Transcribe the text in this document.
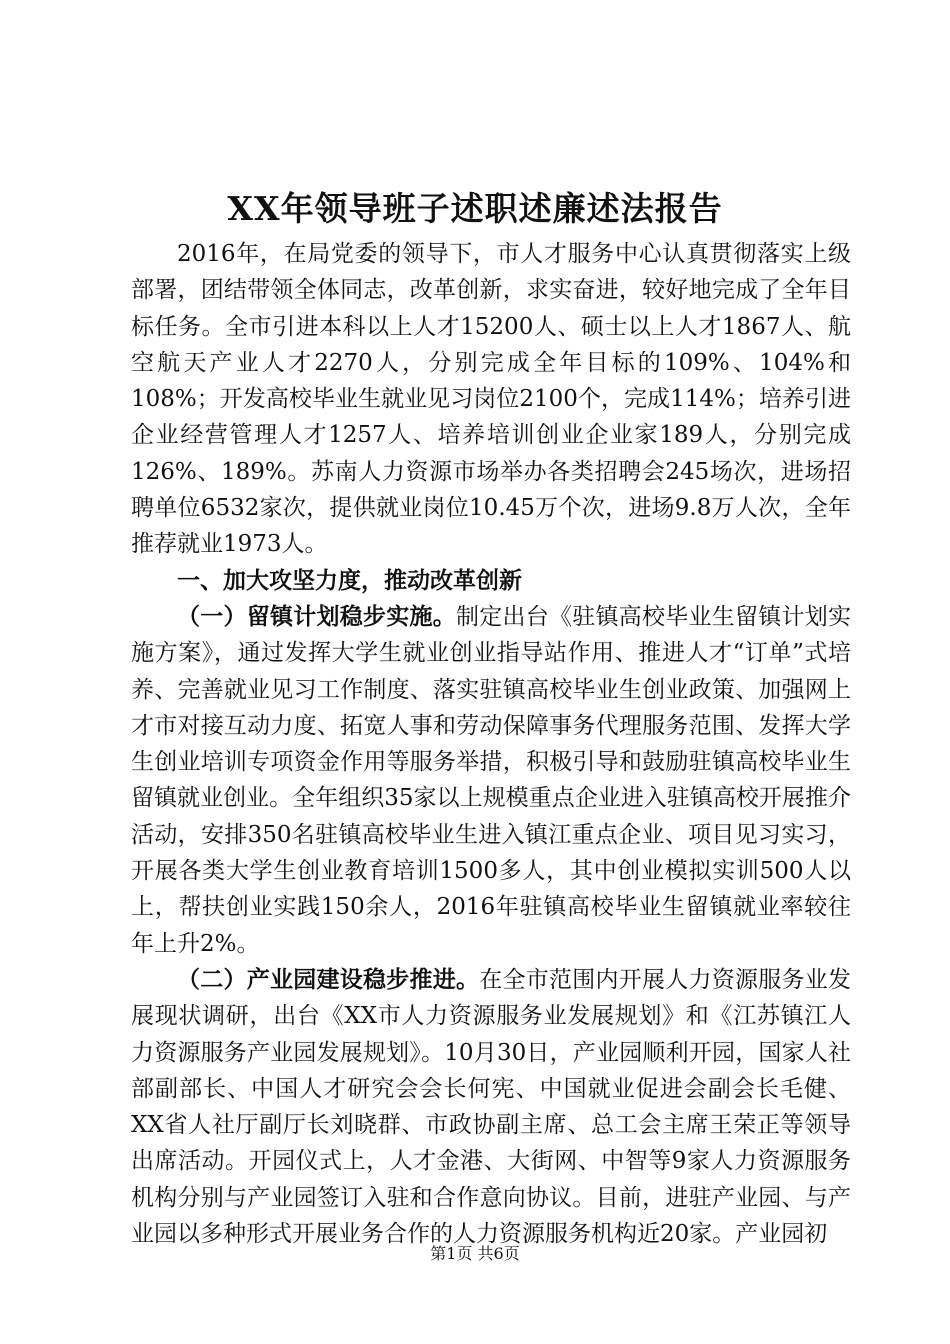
XX年领导班子述职述廉述法报告

2016年，在局党委的领导下，市人才服务中心认真贯彻落实上级部署，团结带领全体同志，改革创新，求实奋进，较好地完成了全年目标任务。全市引进本科以上人才15200人、硕士以上人才1867人、航空航天产业人才2270人，分别完成全年目标的109%、104%和108%；开发高校毕业生就业见习岗位2100个，完成114%；培养引进企业经营管理人才1257人、培养培训创业企业家189人，分别完成126%、189%。苏南人力资源市场举办各类招聘会245场次，进场招聘单位6532家次，提供就业岗位10.45万个次，进场9.8万人次，全年推荐就业1973人。

一、加大攻坚力度，推动改革创新

（一）留镇计划稳步实施。制定出台《驻镇高校毕业生留镇计划实施方案》，通过发挥大学生就业创业指导站作用、推进人才“订单”式培养、完善就业见习工作制度、落实驻镇高校毕业生创业政策、加强网上才市对接互动力度、拓宽人事和劳动保障事务代理服务范围、发挥大学生创业培训专项资金作用等服务举措，积极引导和鼓励驻镇高校毕业生留镇就业创业。全年组织35家以上规模重点企业进入驻镇高校开展推介活动，安排350名驻镇高校毕业生进入镇江重点企业、项目见习实习，开展各类大学生创业教育培训1500多人，其中创业模拟实训500人以上，帮扶创业实践150余人，2016年驻镇高校毕业生留镇就业率较往年上升2%。

（二）产业园建设稳步推进。在全市范围内开展人力资源服务业发展现状调研，出台《XX市人力资源服务业发展规划》和《江苏镇江人力资源服务产业园发展规划》。10月30日，产业园顺利开园，国家人社部副部长、中国人才研究会会长何宪、中国就业促进会副会长毛健、XX省人社厅副厅长刘晓群、市政协副主席、总工会主席王荣正等领导出席活动。开园仪式上，人才金港、大街网、中智等9家人力资源服务机构分别与产业园签订入驻和合作意向协议。目前，进驻产业园、与产业园以多种形式开展业务合作的人力资源服务机构近20家。产业园初

第1页 共6页
